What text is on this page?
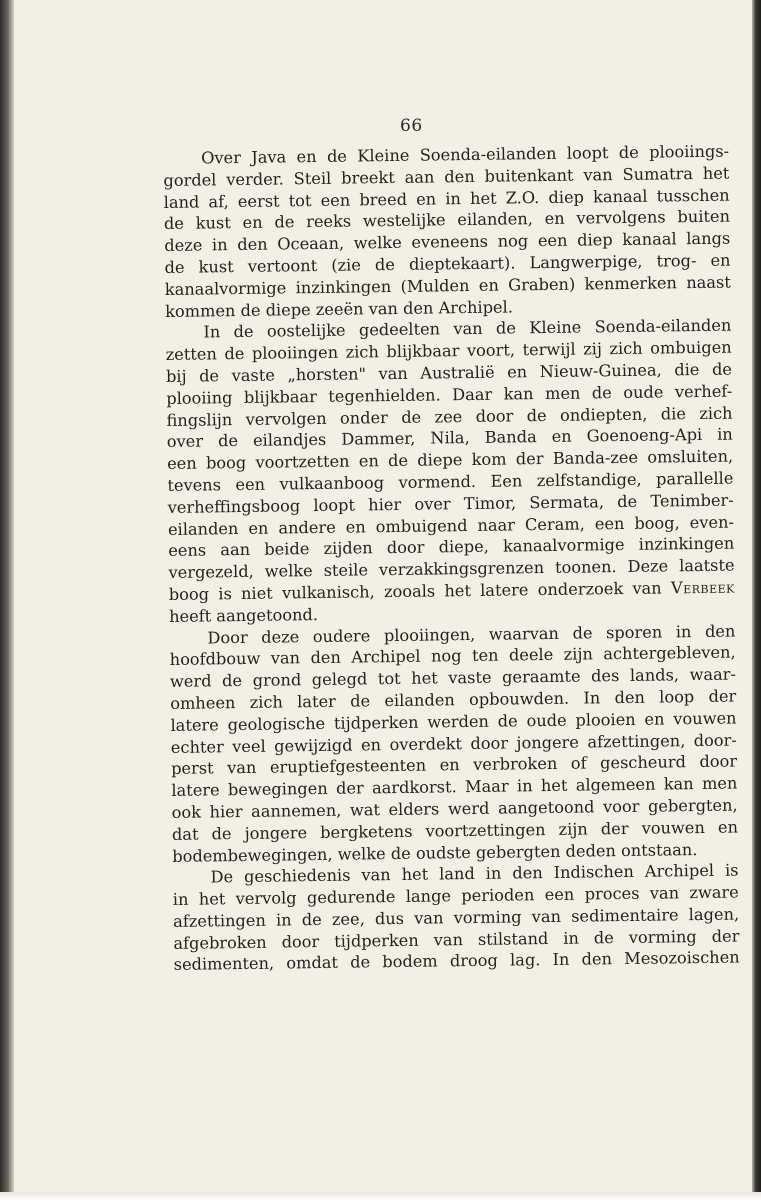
66
Over Java en de Kleine Soenda-eilanden loopt de plooiings-
gordel verder. Steil breekt aan den buitenkant van Sumatra het
land af, eerst tot een breed en in het Z.O. diep kanaal tusschen
de kust en de reeks westelijke eilanden, en vervolgens buiten
deze in den Oceaan, welke eveneens nog een diep kanaal langs
de kust vertoont (zie de dieptekaart). Langwerpige, trog- en
kanaalvormige inzinkingen (Mulden en Graben) kenmerken naast
kommen de diepe zeeën van den Archipel.
In de oostelijke gedeelten van de Kleine Soenda-eilanden
zetten de plooiingen zich blijkbaar voort, terwijl zij zich ombuigen
bij de vaste „horsten" van Australië en Nieuw-Guinea, die de
plooiing blijkbaar tegenhielden. Daar kan men de oude verhef-
fingslijn vervolgen onder de zee door de ondiepten, die zich
over de eilandjes Dammer, Nila, Banda en Goenoeng-Api in
een boog voortzetten en de diepe kom der Banda-zee omsluiten,
tevens een vulkaanboog vormend. Een zelfstandige, parallelle
verheffingsboog loopt hier over Timor, Sermata, de Tenimber-
eilanden en andere en ombuigend naar Ceram, een boog, even-
eens aan beide zijden door diepe, kanaalvormige inzinkingen
vergezeld, welke steile verzakkingsgrenzen toonen. Deze laatste
boog is niet vulkanisch, zooals het latere onderzoek van Verbeek
heeft aangetoond.
Door deze oudere plooiingen, waarvan de sporen in den
hoofdbouw van den Archipel nog ten deele zijn achtergebleven,
werd de grond gelegd tot het vaste geraamte des lands, waar-
omheen zich later de eilanden opbouwden. In den loop der
latere geologische tijdperken werden de oude plooien en vouwen
echter veel gewijzigd en overdekt door jongere afzettingen, door-
perst van eruptiefgesteenten en verbroken of gescheurd door
latere bewegingen der aardkorst. Maar in het algemeen kan men
ook hier aannemen, wat elders werd aangetoond voor gebergten,
dat de jongere bergketens voortzettingen zijn der vouwen en
bodembewegingen, welke de oudste gebergten deden ontstaan.
De geschiedenis van het land in den Indischen Archipel is
in het vervolg gedurende lange perioden een proces van zware
afzettingen in de zee, dus van vorming van sedimentaire lagen,
afgebroken door tijdperken van stilstand in de vorming der
sedimenten, omdat de bodem droog lag. In den Mesozoischen
